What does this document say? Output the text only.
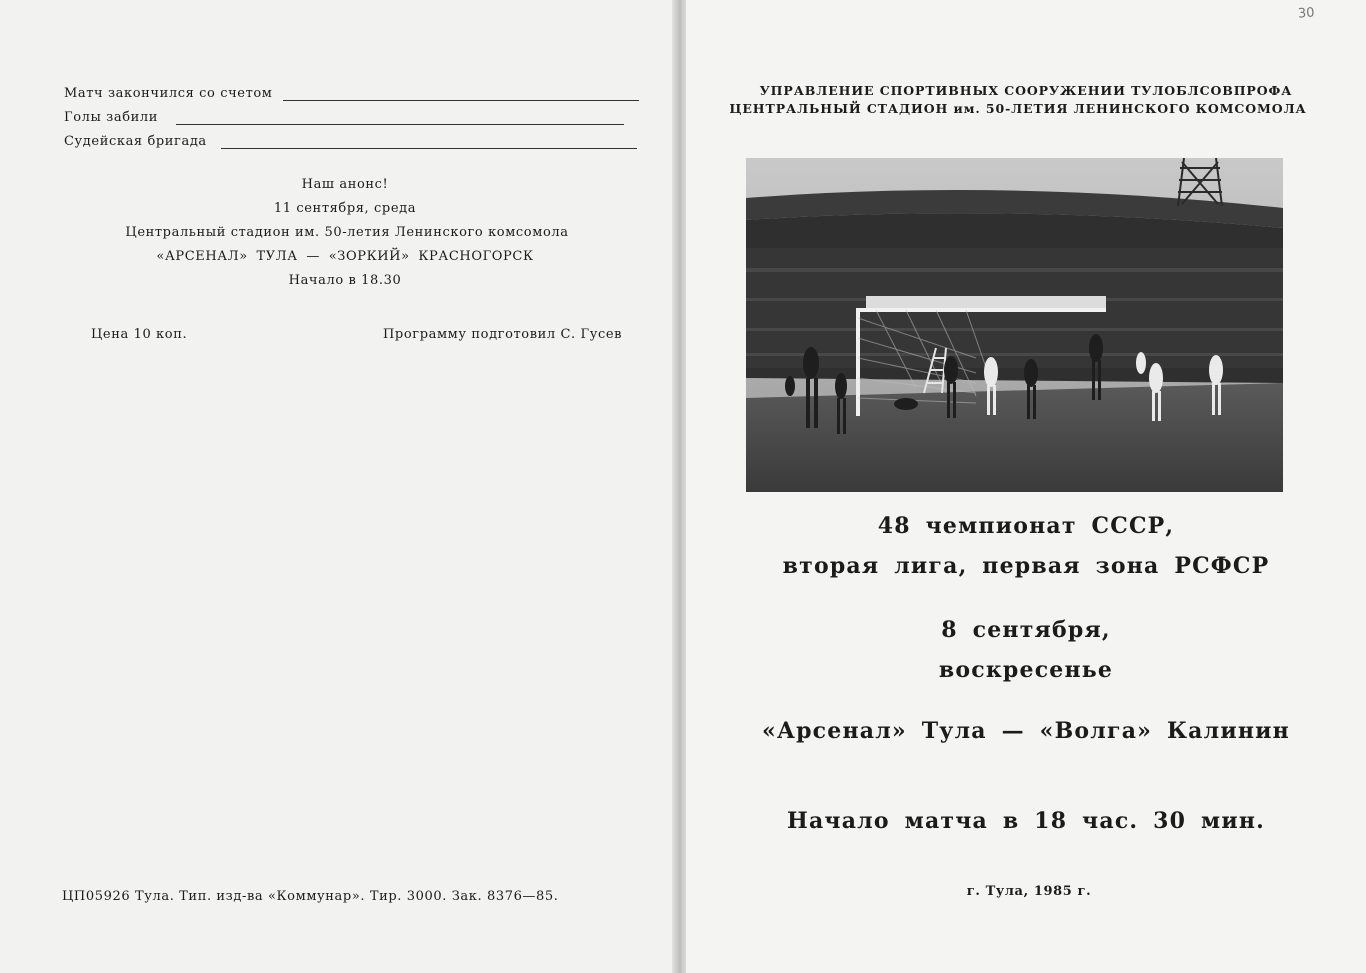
Матч закончился со счетом
Голы забили
Судейская бригада
Наш анонс!
11 сентября, среда
Центральный стадион им. 50-летия Ленинского комсомола
«АРСЕНАЛ» ТУЛА — «ЗОРКИЙ» КРАСНОГОРСК
Начало в 18.30
Цена 10 коп.	Программу подготовил С. Гусев
ЦП05926 Тула. Тип. изд-ва «Коммунар». Тир. 3000. Зак. 8376—85.
30
УПРАВЛЕНИЕ СПОРТИВНЫХ СООРУЖЕНИИ ТУЛОБЛСОВПРОФА
ЦЕНТРАЛЬНЫЙ СТАДИОН им. 50-ЛЕТИЯ ЛЕНИНСКОГО КОМСОМОЛА
48 чемпионат СССР,
вторая лига, первая зона РСФСР
8 сентября,
воскресенье
«Арсенал» Тула — «Волга» Калинин
Начало матча в 18 час. 30 мин.
г. Тула, 1985 г.
